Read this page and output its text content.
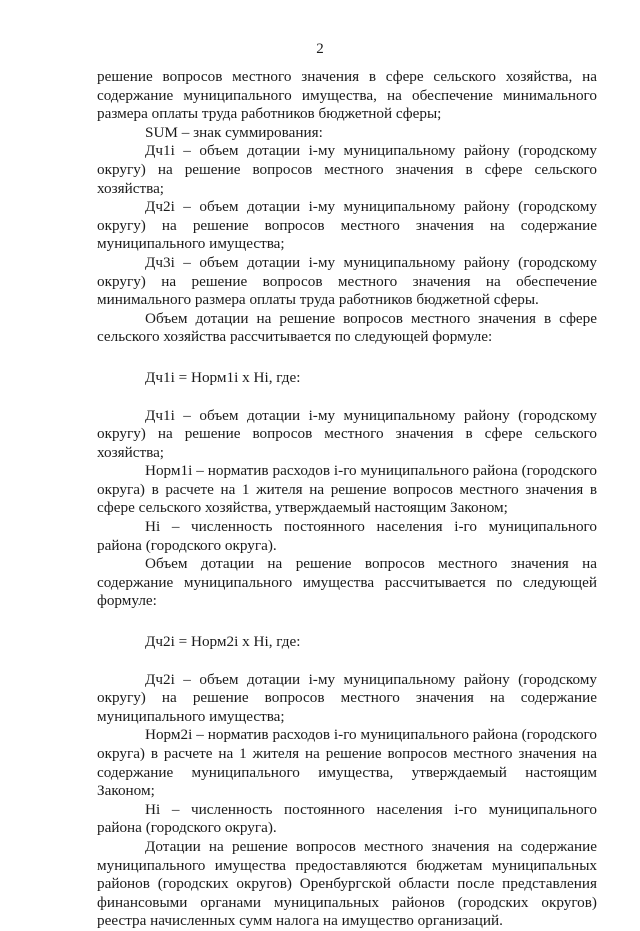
2

решение вопросов местного значения в сфере сельского хозяйства, на содержание муниципального имущества, на обеспечение минимального размера оплаты труда работников бюджетной сферы;

SUM – знак суммирования:

Дч1i – объем дотации i-му муниципальному району (городскому округу) на решение вопросов местного значения в сфере сельского хозяйства;

Дч2i – объем дотации i-му муниципальному району (городскому округу) на решение вопросов местного значения на содержание муниципального имущества;

Дч3i – объем дотации i-му муниципальному району (городскому округу) на решение вопросов местного значения на обеспечение минимального размера оплаты труда работников бюджетной сферы.

Объем дотации на решение вопросов местного значения в сфере сельского хозяйства рассчитывается по следующей формуле:

Дч1i = Норм1i x Нi, где:

Дч1i – объем дотации i-му муниципальному району (городскому округу) на решение вопросов местного значения в сфере сельского хозяйства;

Норм1i – норматив расходов i-го муниципального района (городского округа) в расчете на 1 жителя на решение вопросов местного значения в сфере сельского хозяйства, утверждаемый настоящим Законом;

Нi – численность постоянного населения i-го муниципального района (городского округа).

Объем дотации на решение вопросов местного значения на содержание муниципального имущества рассчитывается по следующей формуле:

Дч2i = Норм2i x Нi, где:

Дч2i – объем дотации i-му муниципальному району (городскому округу) на решение вопросов местного значения на содержание муниципального имущества;

Норм2i – норматив расходов i-го муниципального района (городского округа) в расчете на 1 жителя на решение вопросов местного значения на содержание муниципального имущества, утверждаемый настоящим Законом;

Нi – численность постоянного населения i-го муниципального района (городского округа).

Дотации на решение вопросов местного значения на содержание муниципального имущества предоставляются бюджетам муниципальных районов (городских округов) Оренбургской области после представления финансовыми органами муниципальных районов (городских округов) реестра начисленных сумм налога на имущество организаций.
